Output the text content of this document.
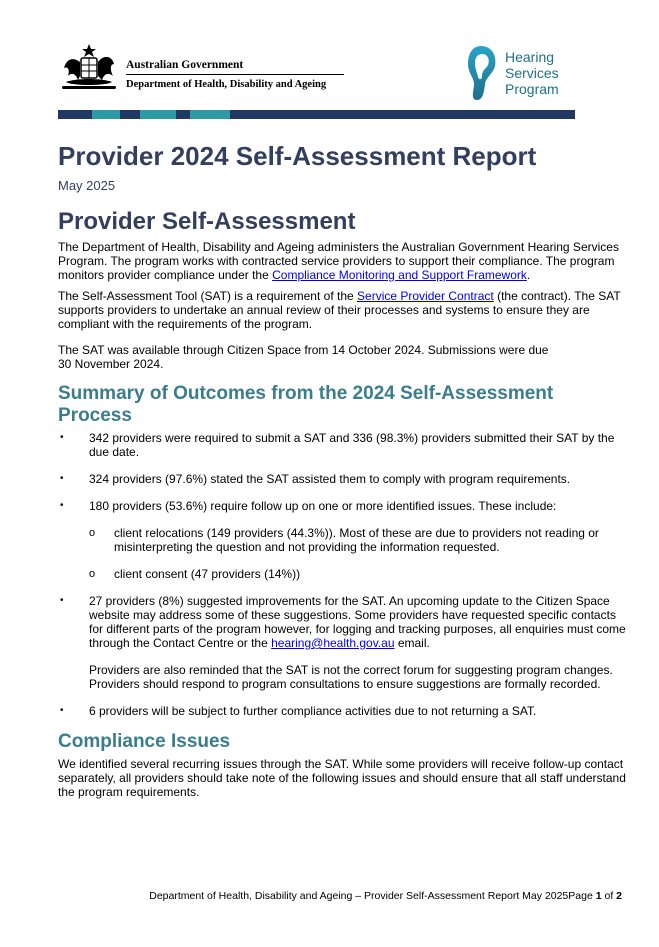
Australian Government
Department of Health, Disability and Ageing
Hearing
Services
Program
Provider 2024 Self-Assessment Report
May 2025
Provider Self-Assessment

The Department of Health, Disability and Ageing administers the Australian Government Hearing Services Program. The program works with contracted service providers to support their compliance. The program monitors provider compliance under the Compliance Monitoring and Support Framework.

The Self-Assessment Tool (SAT) is a requirement of the Service Provider Contract (the contract). The SAT supports providers to undertake an annual review of their processes and systems to ensure they are compliant with the requirements of the program.

The SAT was available through Citizen Space from 14 October 2024. Submissions were due 30 November 2024.

Summary of Outcomes from the 2024 Self-Assessment Process
• 342 providers were required to submit a SAT and 336 (98.3%) providers submitted their SAT by the due date.
• 324 providers (97.6%) stated the SAT assisted them to comply with program requirements.
• 180 providers (53.6%) require follow up on one or more identified issues. These include:
o client relocations (149 providers (44.3%)). Most of these are due to providers not reading or misinterpreting the question and not providing the information requested.
o client consent (47 providers (14%))
• 27 providers (8%) suggested improvements for the SAT. An upcoming update to the Citizen Space website may address some of these suggestions. Some providers have requested specific contacts for different parts of the program however, for logging and tracking purposes, all enquiries must come through the Contact Centre or the hearing@health.gov.au email.
Providers are also reminded that the SAT is not the correct forum for suggesting program changes. Providers should respond to program consultations to ensure suggestions are formally recorded.
• 6 providers will be subject to further compliance activities due to not returning a SAT.
Compliance Issues

We identified several recurring issues through the SAT. While some providers will receive follow-up contact separately, all providers should take note of the following issues and should ensure that all staff understand the program requirements.

Department of Health, Disability and Ageing – Provider Self-Assessment Report May 2025Page 1 of 2
